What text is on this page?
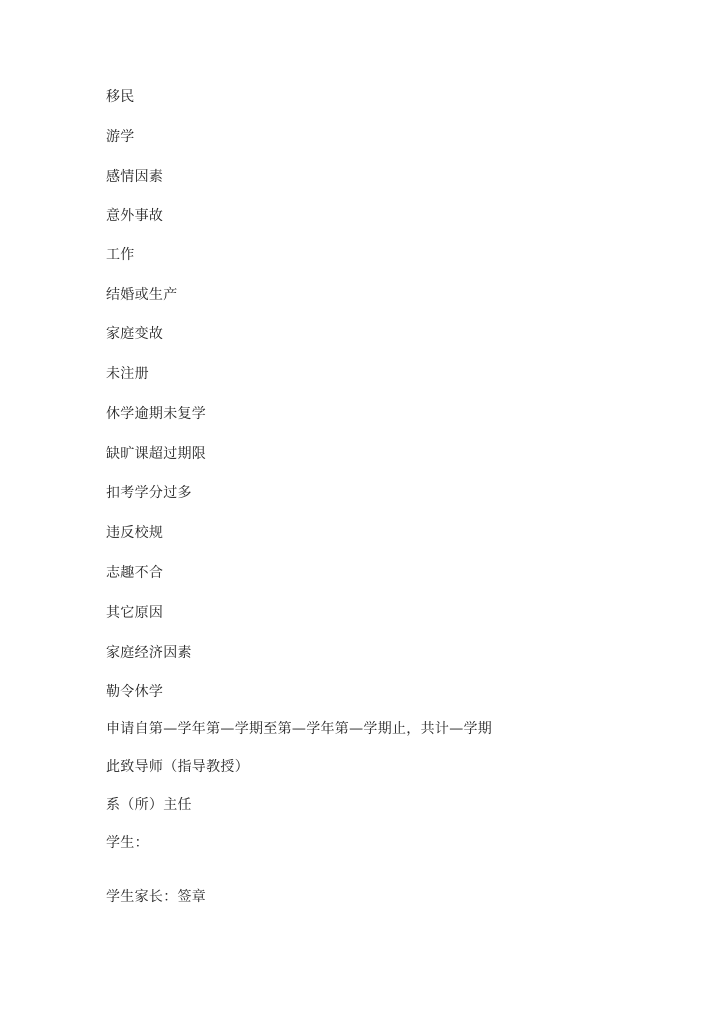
移民
游学
感情因素
意外事故
工作
结婚或生产
家庭变故
未注册
休学逾期未复学
缺旷课超过期限
扣考学分过多
违反校规
志趣不合
其它原因
家庭经济因素
勒令休学
申请自第—学年第—学期至第—学年第—学期止，共计—学期
此致导师（指导教授）
系（所）主任
学生：
学生家长：签章
